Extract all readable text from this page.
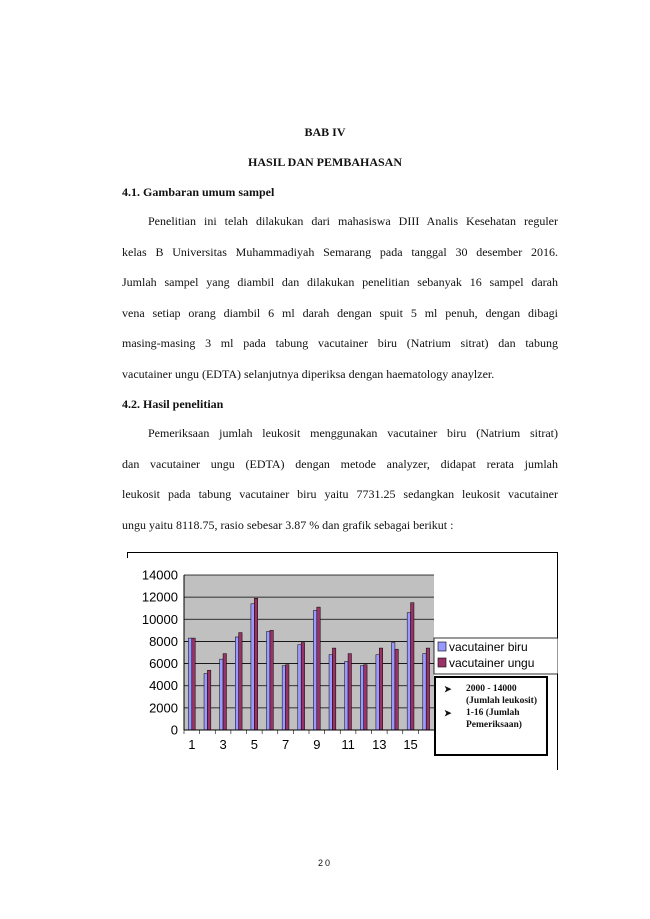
BAB IV
HASIL DAN PEMBAHASAN
4.1. Gambaran umum sampel
Penelitian ini telah dilakukan dari mahasiswa DIII Analis Kesehatan reguler
kelas B Universitas Muhammadiyah Semarang pada tanggal 30 desember 2016.
Jumlah sampel yang diambil dan dilakukan penelitian sebanyak 16 sampel darah
vena setiap orang diambil 6 ml darah dengan spuit 5 ml penuh, dengan dibagi
masing-masing 3 ml pada tabung vacutainer biru (Natrium sitrat) dan tabung
vacutainer ungu (EDTA) selanjutnya diperiksa dengan haematology anaylzer.
4.2. Hasil penelitian
Pemeriksaan jumlah leukosit menggunakan vacutainer biru (Natrium sitrat)
dan vacutainer ungu (EDTA) dengan metode analyzer, didapat rerata jumlah
leukosit pada tabung vacutainer biru yaitu 7731.25 sedangkan leukosit vacutainer
ungu yaitu 8118.75, rasio sebesar 3.87 % dan grafik sebagai berikut :
0
2000
4000
6000
8000
10000
12000
14000
1 3 5 7 9 11 13 15
vacutainer biru
vacutainer ungu
➤	2000 - 14000 (Jumlah leukosit)
➤	1-16 (Jumlah Pemeriksaan)
20
